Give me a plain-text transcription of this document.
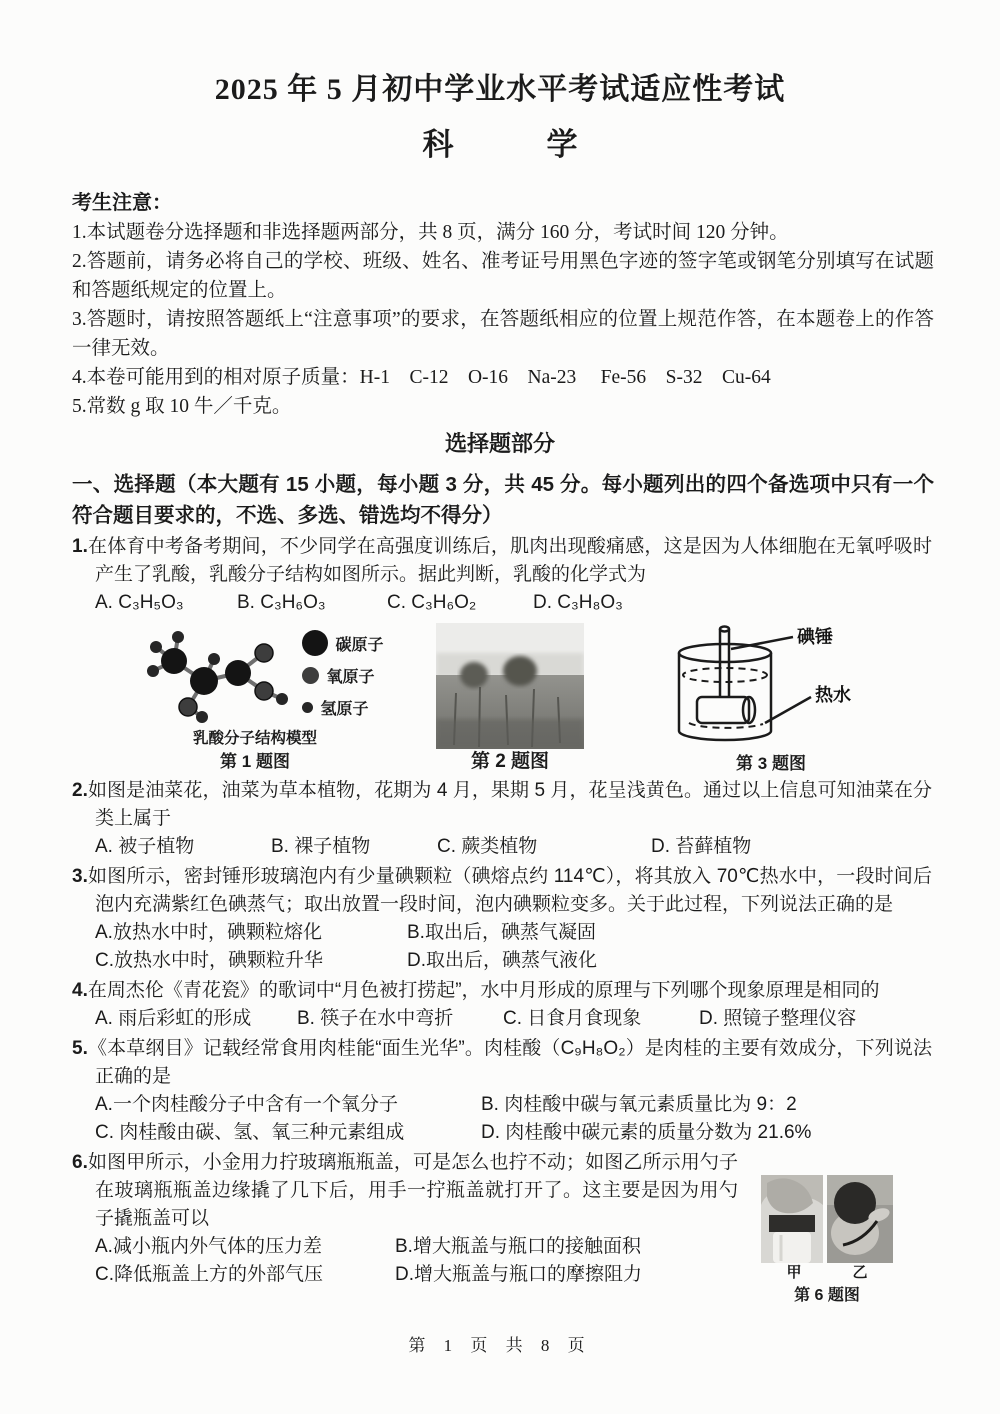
2025 年 5 月初中学业水平考试适应性考试
科　　　学
考生注意：

1.本试题卷分选择题和非选择题两部分，共 8 页，满分 160 分，考试时间 120 分钟。

2.答题前，请务必将自己的学校、班级、姓名、准考证号用黑色字迹的签字笔或钢笔分别填写在试题和答题纸规定的位置上。

3.答题时，请按照答题纸上“注意事项”的要求，在答题纸相应的位置上规范作答，在本题卷上的作答一律无效。

4.本卷可能用到的相对原子质量：H-1　C-12　O-16　Na-23　 Fe-56　S-32　Cu-64

5.常数 g 取 10 牛／千克。

选择题部分

一、选择题（本大题有 15 小题，每小题 3 分，共 45 分。每小题列出的四个备选项中只有一个符合题目要求的，不选、多选、错选均不得分）

1.在体育中考备考期间，不少同学在高强度训练后，肌肉出现酸痛感，这是因为人体细胞在无氧呼吸时产生了乳酸，乳酸分子结构如图所示。据此判断，乳酸的化学式为

A. C₃H₅O₃	B. C₃H₆O₃	C. C₃H₆O₂	D. C₃H₈O₃
碳原子
氧原子
氢原子
乳酸分子结构模型
第 1 题图	第 2 题图
碘锤
热水
第 3 题图

2.如图是油菜花，油菜为草本植物，花期为 4 月，果期 5 月，花呈浅黄色。通过以上信息可知油菜在分类上属于

A. 被子植物	B. 裸子植物	C. 蕨类植物	D. 苔藓植物

3.如图所示，密封锤形玻璃泡内有少量碘颗粒（碘熔点约 114℃），将其放入 70℃热水中，一段时间后泡内充满紫红色碘蒸气；取出放置一段时间，泡内碘颗粒变多。关于此过程，下列说法正确的是

A.放热水中时，碘颗粒熔化	B.取出后，碘蒸气凝固
C.放热水中时，碘颗粒升华	D.取出后，碘蒸气液化

4.在周杰伦《青花瓷》的歌词中“月色被打捞起”，水中月形成的原理与下列哪个现象原理是相同的

A. 雨后彩虹的形成	B. 筷子在水中弯折	C. 日食月食现象	D. 照镜子整理仪容

5.《本草纲目》记载经常食用肉桂能“面生光华”。肉桂酸（C₉H₈O₂）是肉桂的主要有效成分，下列说法正确的是

A.一个肉桂酸分子中含有一个氧分子	B. 肉桂酸中碳与氧元素质量比为 9：2
C. 肉桂酸由碳、氢、氧三种元素组成	D. 肉桂酸中碳元素的质量分数为 21.6%
甲	乙
第 6 题图

6.如图甲所示，小金用力拧玻璃瓶瓶盖，可是怎么也拧不动；如图乙所示用勺子在玻璃瓶瓶盖边缘撬了几下后，用手一拧瓶盖就打开了。这主要是因为用勺子撬瓶盖可以

A.减小瓶内外气体的压力差	B.增大瓶盖与瓶口的接触面积
C.降低瓶盖上方的外部气压	D.增大瓶盖与瓶口的摩擦阻力
第 1 页 共 8 页
